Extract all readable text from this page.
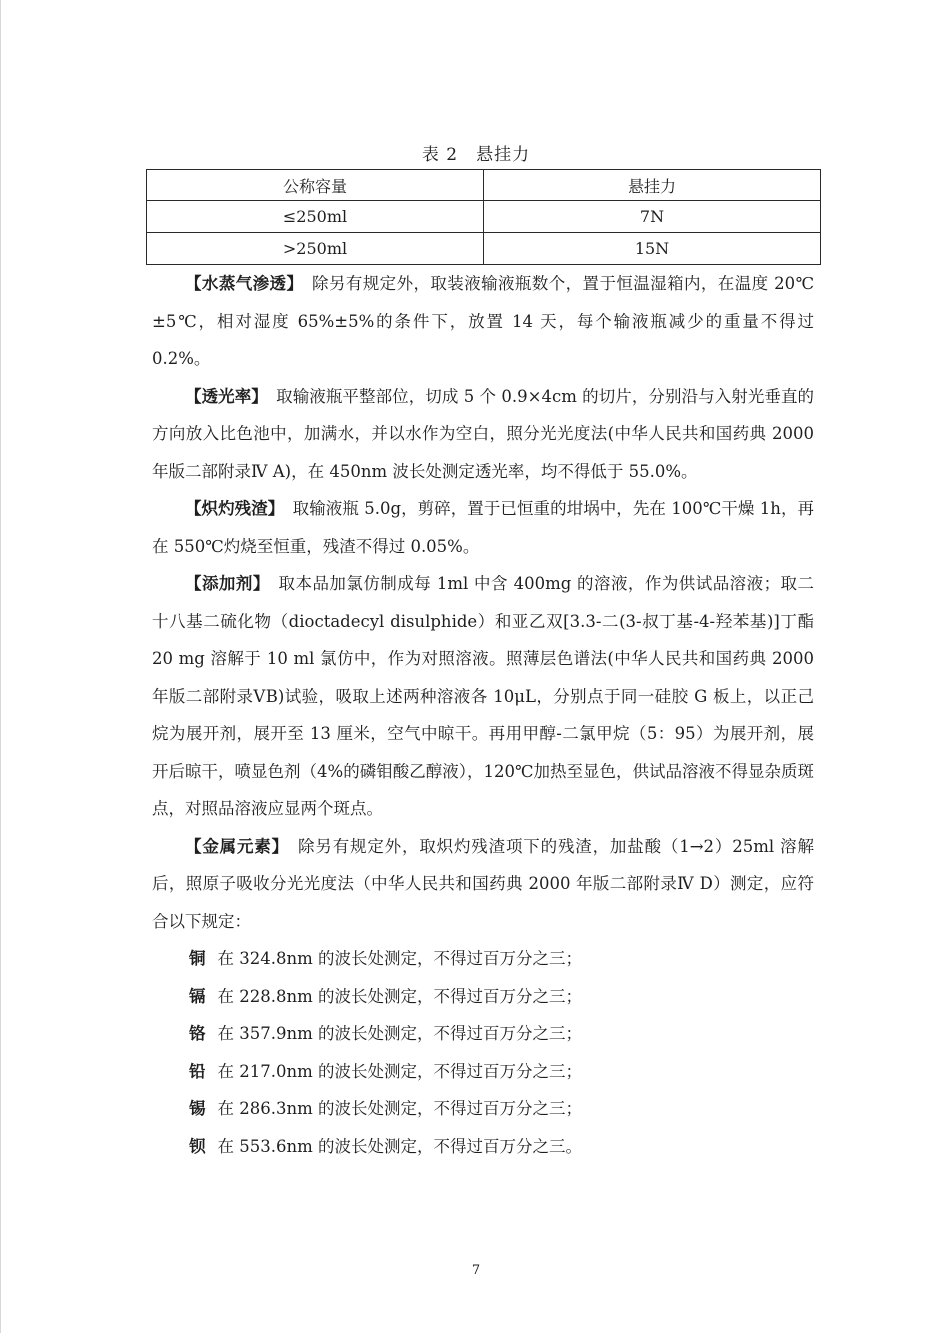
表 2　悬挂力
公称容量	悬挂力
≤250ml	7N
>250ml	15N

【水蒸气渗透】　 除另有规定外，取装液输液瓶数个，置于恒温湿箱内，在温度 20℃±5℃，相对湿度 65%±5%的条件下，放置 14 天，每个输液瓶减少的重量不得过 0.2%。

【透光率】　 取输液瓶平整部位，切成 5 个 0.9×4cm 的切片，分别沿与入射光垂直的方向放入比色池中，加满水，并以水作为空白，照分光光度法(中华人民共和国药典 2000 年版二部附录Ⅳ A)，在 450nm 波长处测定透光率，均不得低于 55.0%。

【炽灼残渣】　 取输液瓶 5.0g，剪碎，置于已恒重的坩埚中，先在 100℃干燥 1h，再在 550℃灼烧至恒重，残渣不得过 0.05%。

【添加剂】　 取本品加氯仿制成每 1ml 中含 400mg 的溶液，作为供试品溶液；取二十八基二硫化物（dioctadecyl disulphide）和亚乙双[3.3-二(3-叔丁基-4-羟苯基)]丁酯 20 mg 溶解于 10 ml 氯仿中，作为对照溶液。照薄层色谱法(中华人民共和国药典 2000 年版二部附录ⅤB)试验，吸取上述两种溶液各 10μL，分别点于同一硅胶 G 板上，以正己烷为展开剂，展开至 13 厘米，空气中晾干。再用甲醇-二氯甲烷（5：95）为展开剂，展开后晾干，喷显色剂（4%的磷钼酸乙醇液），120℃加热至显色，供试品溶液不得显杂质斑点，对照品溶液应显两个斑点。

【金属元素】　 除另有规定外，取炽灼残渣项下的残渣，加盐酸（1→2）25ml 溶解后，照原子吸收分光光度法（中华人民共和国药典 2000 年版二部附录Ⅳ D）测定，应符合以下规定：

铜 在 324.8nm 的波长处测定，不得过百万分之三；

镉 在 228.8nm 的波长处测定，不得过百万分之三；

铬 在 357.9nm 的波长处测定，不得过百万分之三；

铅 在 217.0nm 的波长处测定，不得过百万分之三；

锡 在 286.3nm 的波长处测定，不得过百万分之三；

钡 在 553.6nm 的波长处测定，不得过百万分之三。

7
